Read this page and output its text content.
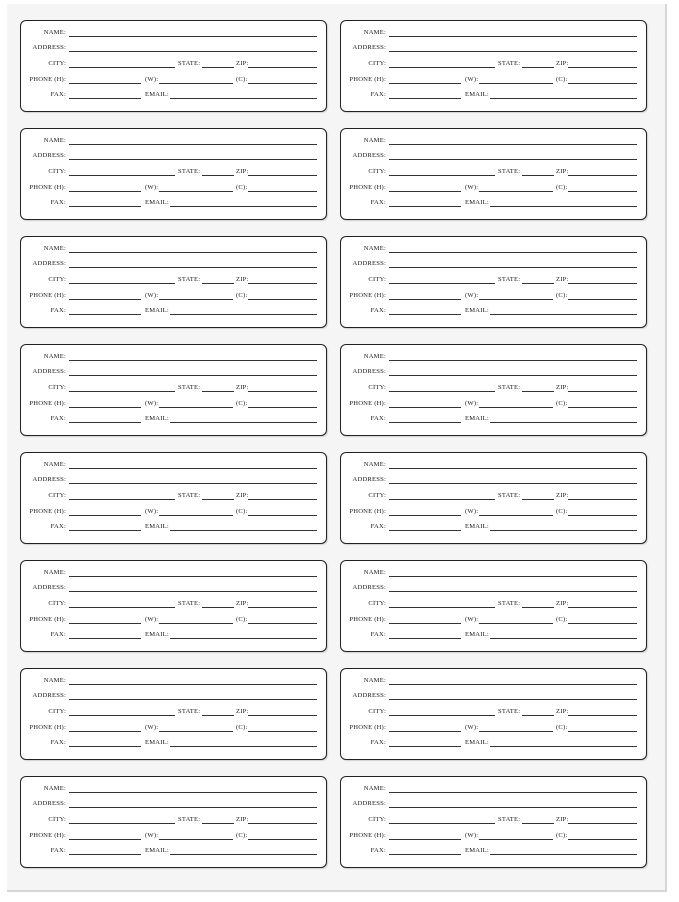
NAME:
ADDRESS:
CITY:	STATE:	ZIP:
PHONE (H):	(W):	(C):
FAX:	EMAIL:
NAME:
ADDRESS:
CITY:	STATE:	ZIP:
PHONE (H):	(W):	(C):
FAX:	EMAIL:
NAME:
ADDRESS:
CITY:	STATE:	ZIP:
PHONE (H):	(W):	(C):
FAX:	EMAIL:
NAME:
ADDRESS:
CITY:	STATE:	ZIP:
PHONE (H):	(W):	(C):
FAX:	EMAIL:
NAME:
ADDRESS:
CITY:	STATE:	ZIP:
PHONE (H):	(W):	(C):
FAX:	EMAIL:
NAME:
ADDRESS:
CITY:	STATE:	ZIP:
PHONE (H):	(W):	(C):
FAX:	EMAIL:
NAME:
ADDRESS:
CITY:	STATE:	ZIP:
PHONE (H):	(W):	(C):
FAX:	EMAIL:
NAME:
ADDRESS:
CITY:	STATE:	ZIP:
PHONE (H):	(W):	(C):
FAX:	EMAIL:
NAME:
ADDRESS:
CITY:	STATE:	ZIP:
PHONE (H):	(W):	(C):
FAX:	EMAIL:
NAME:
ADDRESS:
CITY:	STATE:	ZIP:
PHONE (H):	(W):	(C):
FAX:	EMAIL:
NAME:
ADDRESS:
CITY:	STATE:	ZIP:
PHONE (H):	(W):	(C):
FAX:	EMAIL:
NAME:
ADDRESS:
CITY:	STATE:	ZIP:
PHONE (H):	(W):	(C):
FAX:	EMAIL:
NAME:
ADDRESS:
CITY:	STATE:	ZIP:
PHONE (H):	(W):	(C):
FAX:	EMAIL:
NAME:
ADDRESS:
CITY:	STATE:	ZIP:
PHONE (H):	(W):	(C):
FAX:	EMAIL:
NAME:
ADDRESS:
CITY:	STATE:	ZIP:
PHONE (H):	(W):	(C):
FAX:	EMAIL:
NAME:
ADDRESS:
CITY:	STATE:	ZIP:
PHONE (H):	(W):	(C):
FAX:	EMAIL:
